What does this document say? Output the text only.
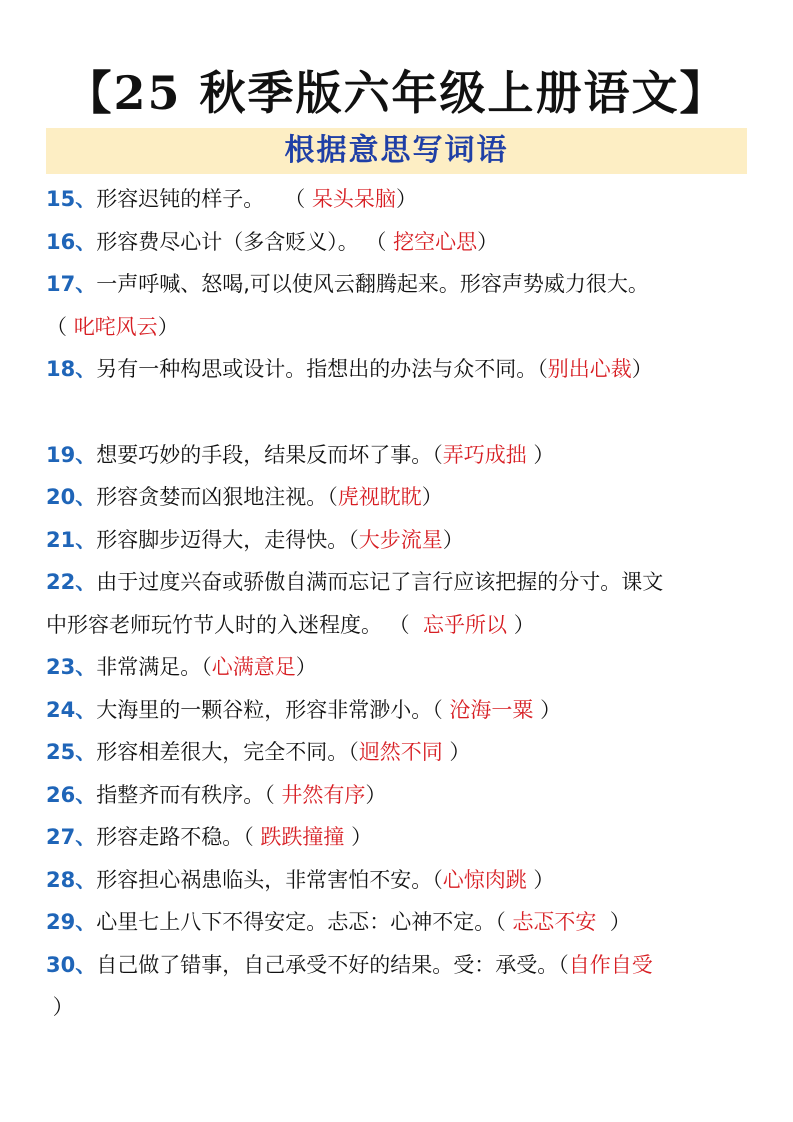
【25 秋季版六年级上册语文】
根据意思写词语
15、形容迟钝的样子。   （ 呆头呆脑）
16、形容费尽心计（多含贬义）。 （ 挖空心思）
17、一声呼喊、怒喝,可以使风云翻腾起来。形容声势威力很大。
（ 叱咤风云）
18、另有一种构思或设计。指想出的办法与众不同。（别出心裁）
19、想要巧妙的手段，结果反而坏了事。（弄巧成拙 ）
20、形容贪婪而凶狠地注视。（虎视眈眈）
21、形容脚步迈得大，走得快。（大步流星）
22、由于过度兴奋或骄傲自满而忘记了言行应该把握的分寸。课文
中形容老师玩竹节人时的入迷程度。 （  忘乎所以 ）
23、非常满足。（心满意足）
24、大海里的一颗谷粒，形容非常渺小。（ 沧海一粟 ）
25、形容相差很大，完全不同。（迥然不同 ）
26、指整齐而有秩序。（ 井然有序）
27、形容走路不稳。（ 跌跌撞撞 ）
28、形容担心祸患临头，非常害怕不安。（心惊肉跳 ）
29、心里七上八下不得安定。忐忑：心神不定。（ 忐忑不安  ）
30、自己做了错事，自己承受不好的结果。受：承受。（自作自受
）
